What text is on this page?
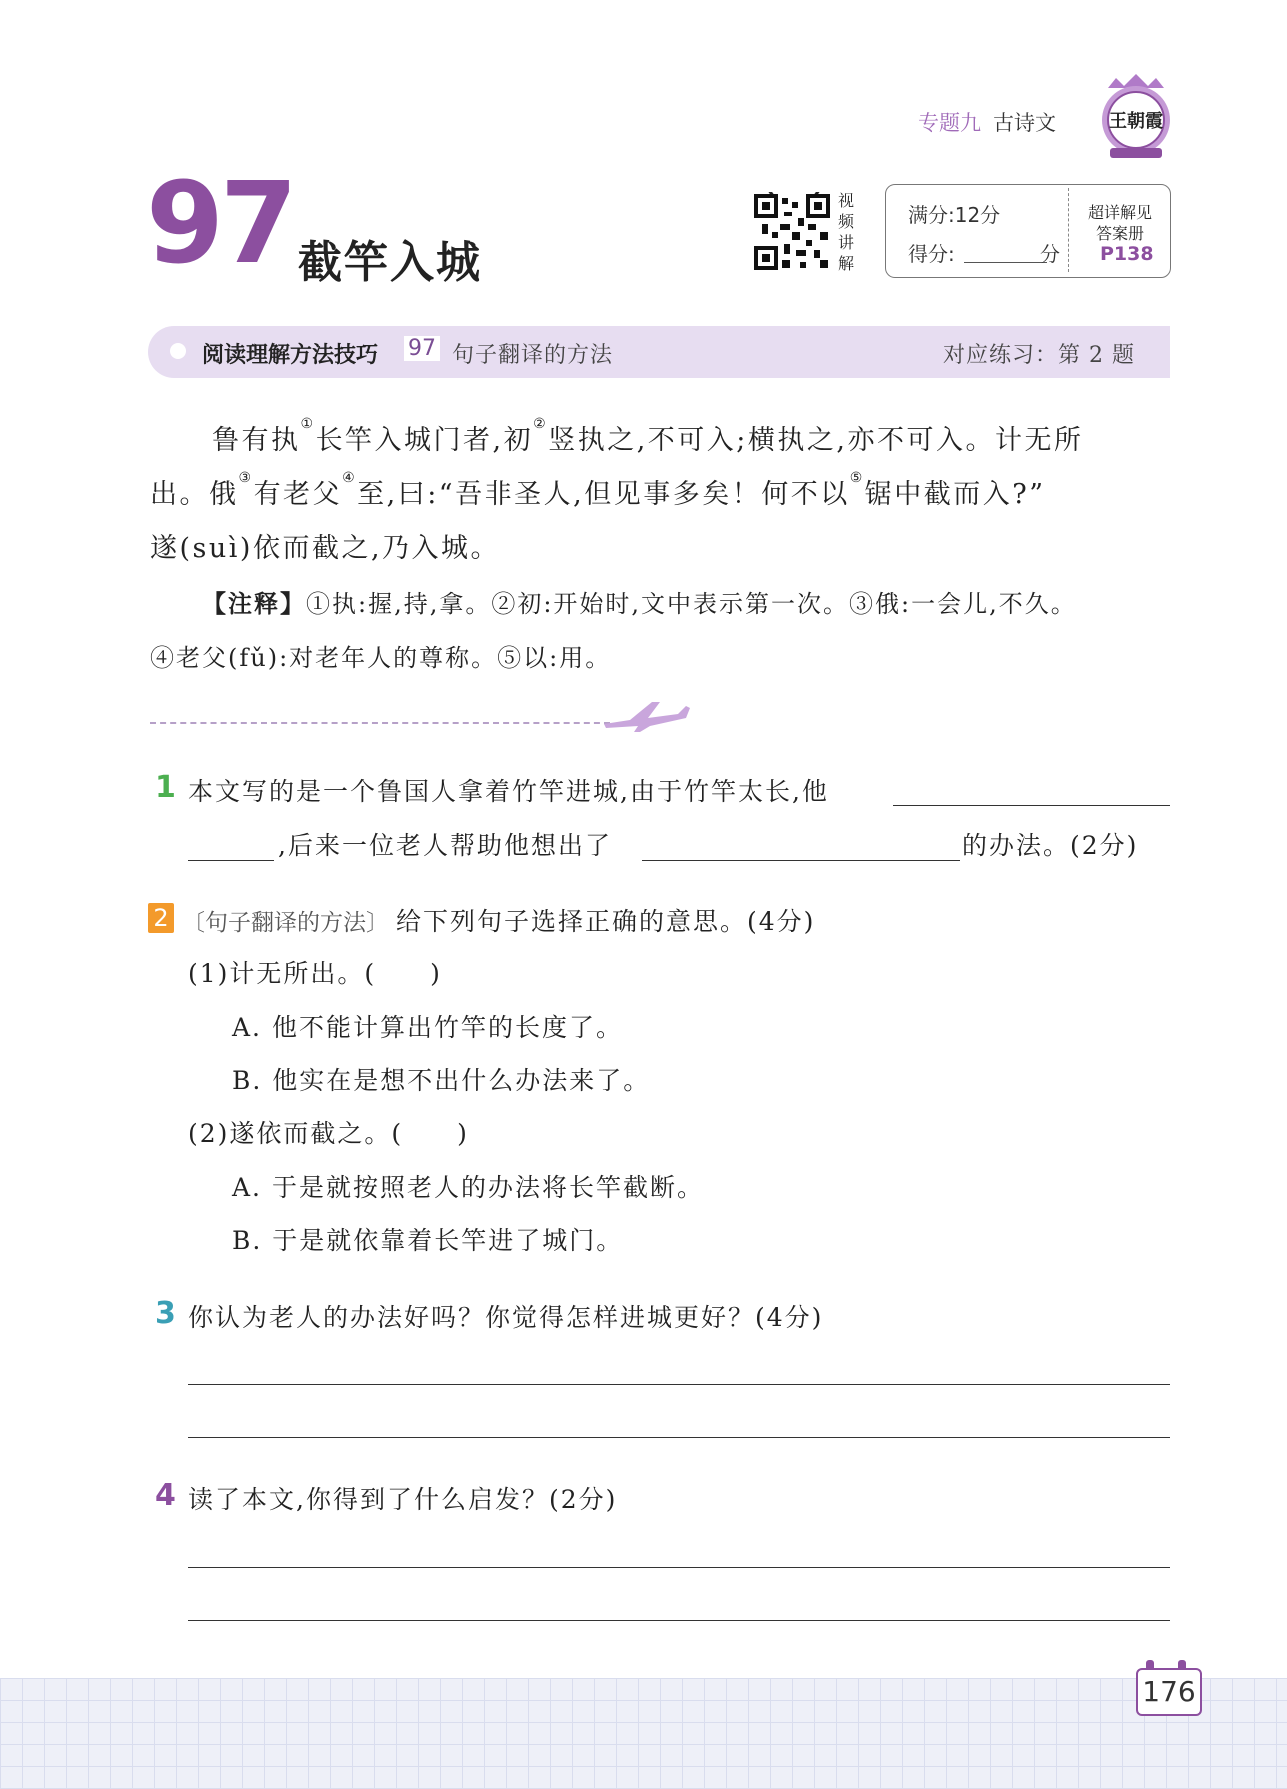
专题九 古诗文	王朝霞
97 截竿入城
视频讲解
满分:12分
得分:	分
超详解见
答案册
P138
阅读理解方法技巧 97 句子翻译的方法	对应练习：第 2 题
鲁有执①长竿入城门者,初②竖执之,不可入;横执之,亦不可入。计无所
出。俄③有老父④至,曰:“吾非圣人,但见事多矣！何不以⑤锯中截而入?”
遂(suì)依而截之,乃入城。
【注释】①执:握,持,拿。②初:开始时,文中表示第一次。③俄:一会儿,不久。
④老父(fǔ):对老年人的尊称。⑤以:用。
1 本文写的是一个鲁国人拿着竹竿进城,由于竹竿太长,他
,后来一位老人帮助他想出了	的办法。(2分)
2 〔句子翻译的方法〕 给下列句子选择正确的意思。(4分)
(1)计无所出。(　　)
A. 他不能计算出竹竿的长度了。
B. 他实在是想不出什么办法来了。
(2)遂依而截之。(　　)
A. 于是就按照老人的办法将长竿截断。
B. 于是就依靠着长竿进了城门。
3 你认为老人的办法好吗？你觉得怎样进城更好？(4分)
4 读了本文,你得到了什么启发？(2分)
176
